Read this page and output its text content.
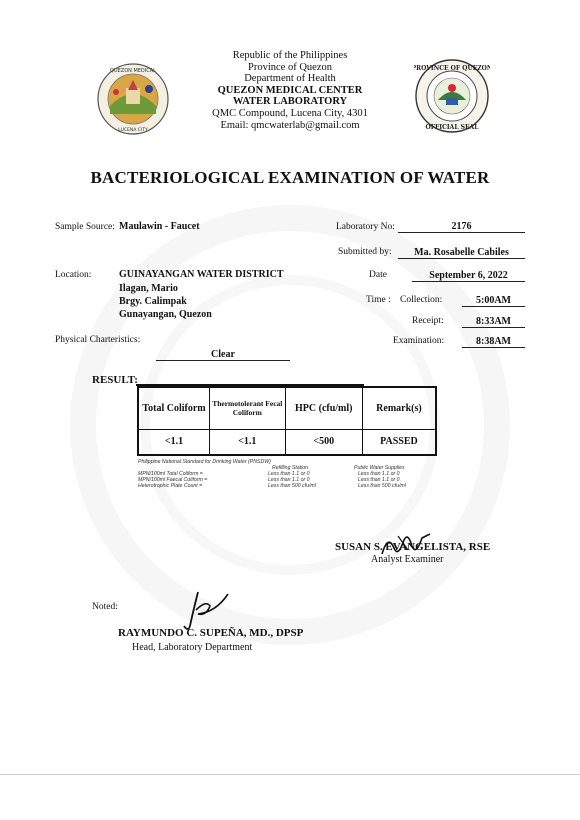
QUEZON MEDICAL
LUCENA CITY
PROVINCE OF QUEZON
OFFICIAL SEAL
Republic of the Philippines
Province of Quezon
Department of Health
QUEZON MEDICAL CENTER
WATER LABORATORY
QMC Compound, Lucena City, 4301
Email: qmcwaterlab@gmail.com
BACTERIOLOGICAL EXAMINATION OF WATER
Sample Source: Maulawin - Faucet
Location:	GUINAYANGAN WATER DISTRICT
Ilagan, Mario
Brgy. Calimpak
Gunayangan, Quezon
Physical Charteristics:
Clear
Laboratory No:	2176
Submitted by:	Ma. Rosabelle Cabiles
Date	September 6, 2022
Time : Collection:	5:00AM
Receipt:	8:33AM
Examination:	8:38AM
RESULT:
Total Coliform	Thermotolerant Fecal Coliform	HPC (cfu/ml)	Remark(s)
<1.1	<1.1	<500	PASSED
Philippine National Standard for Drinking Water (PNSDW)
Refilling Station	Public Water Supplies
MPN/100ml Total Coliform =	Less than 1.1 or 0	Less than 1.1 or 0
MPN/100ml Faecal Coliform =	Less than 1.1 or 0	Less than 1.1 or 0
Heterotrophic Plate Count =	Less than 500 cfu/ml	Less than 500 cfu/ml
SUSAN S. EVANGELISTA, RSE
Analyst Examiner
Noted:
RAYMUNDO C. SUPEÑA, MD., DPSP
Head, Laboratory Department
